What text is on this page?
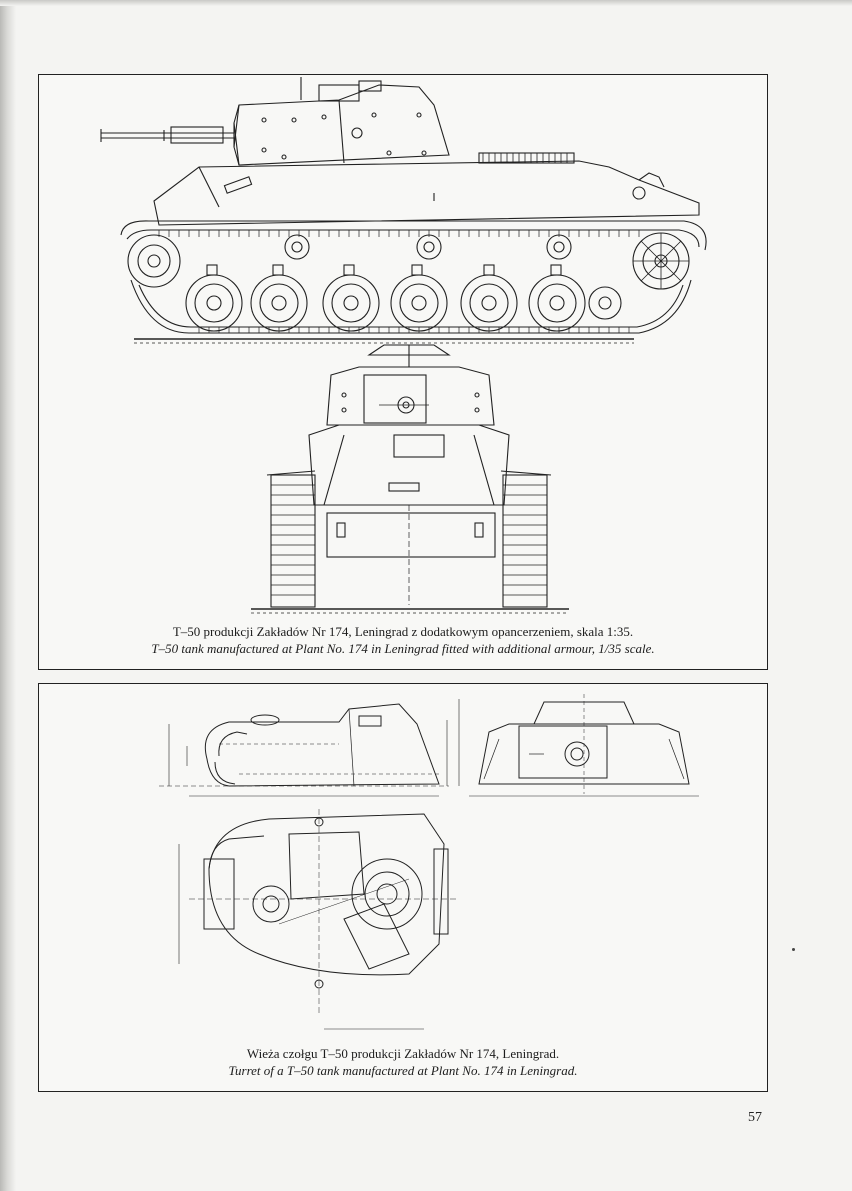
T–50 produkcji Zakładów Nr 174, Leningrad z dodatkowym opancerzeniem, skala 1:35.
T–50 tank manufactured at Plant No. 174 in Leningrad fitted with additional armour, 1/35 scale.
Wieża czołgu T–50 produkcji Zakładów Nr 174, Leningrad.
Turret of a T–50 tank manufactured at Plant No. 174 in Leningrad.
57
